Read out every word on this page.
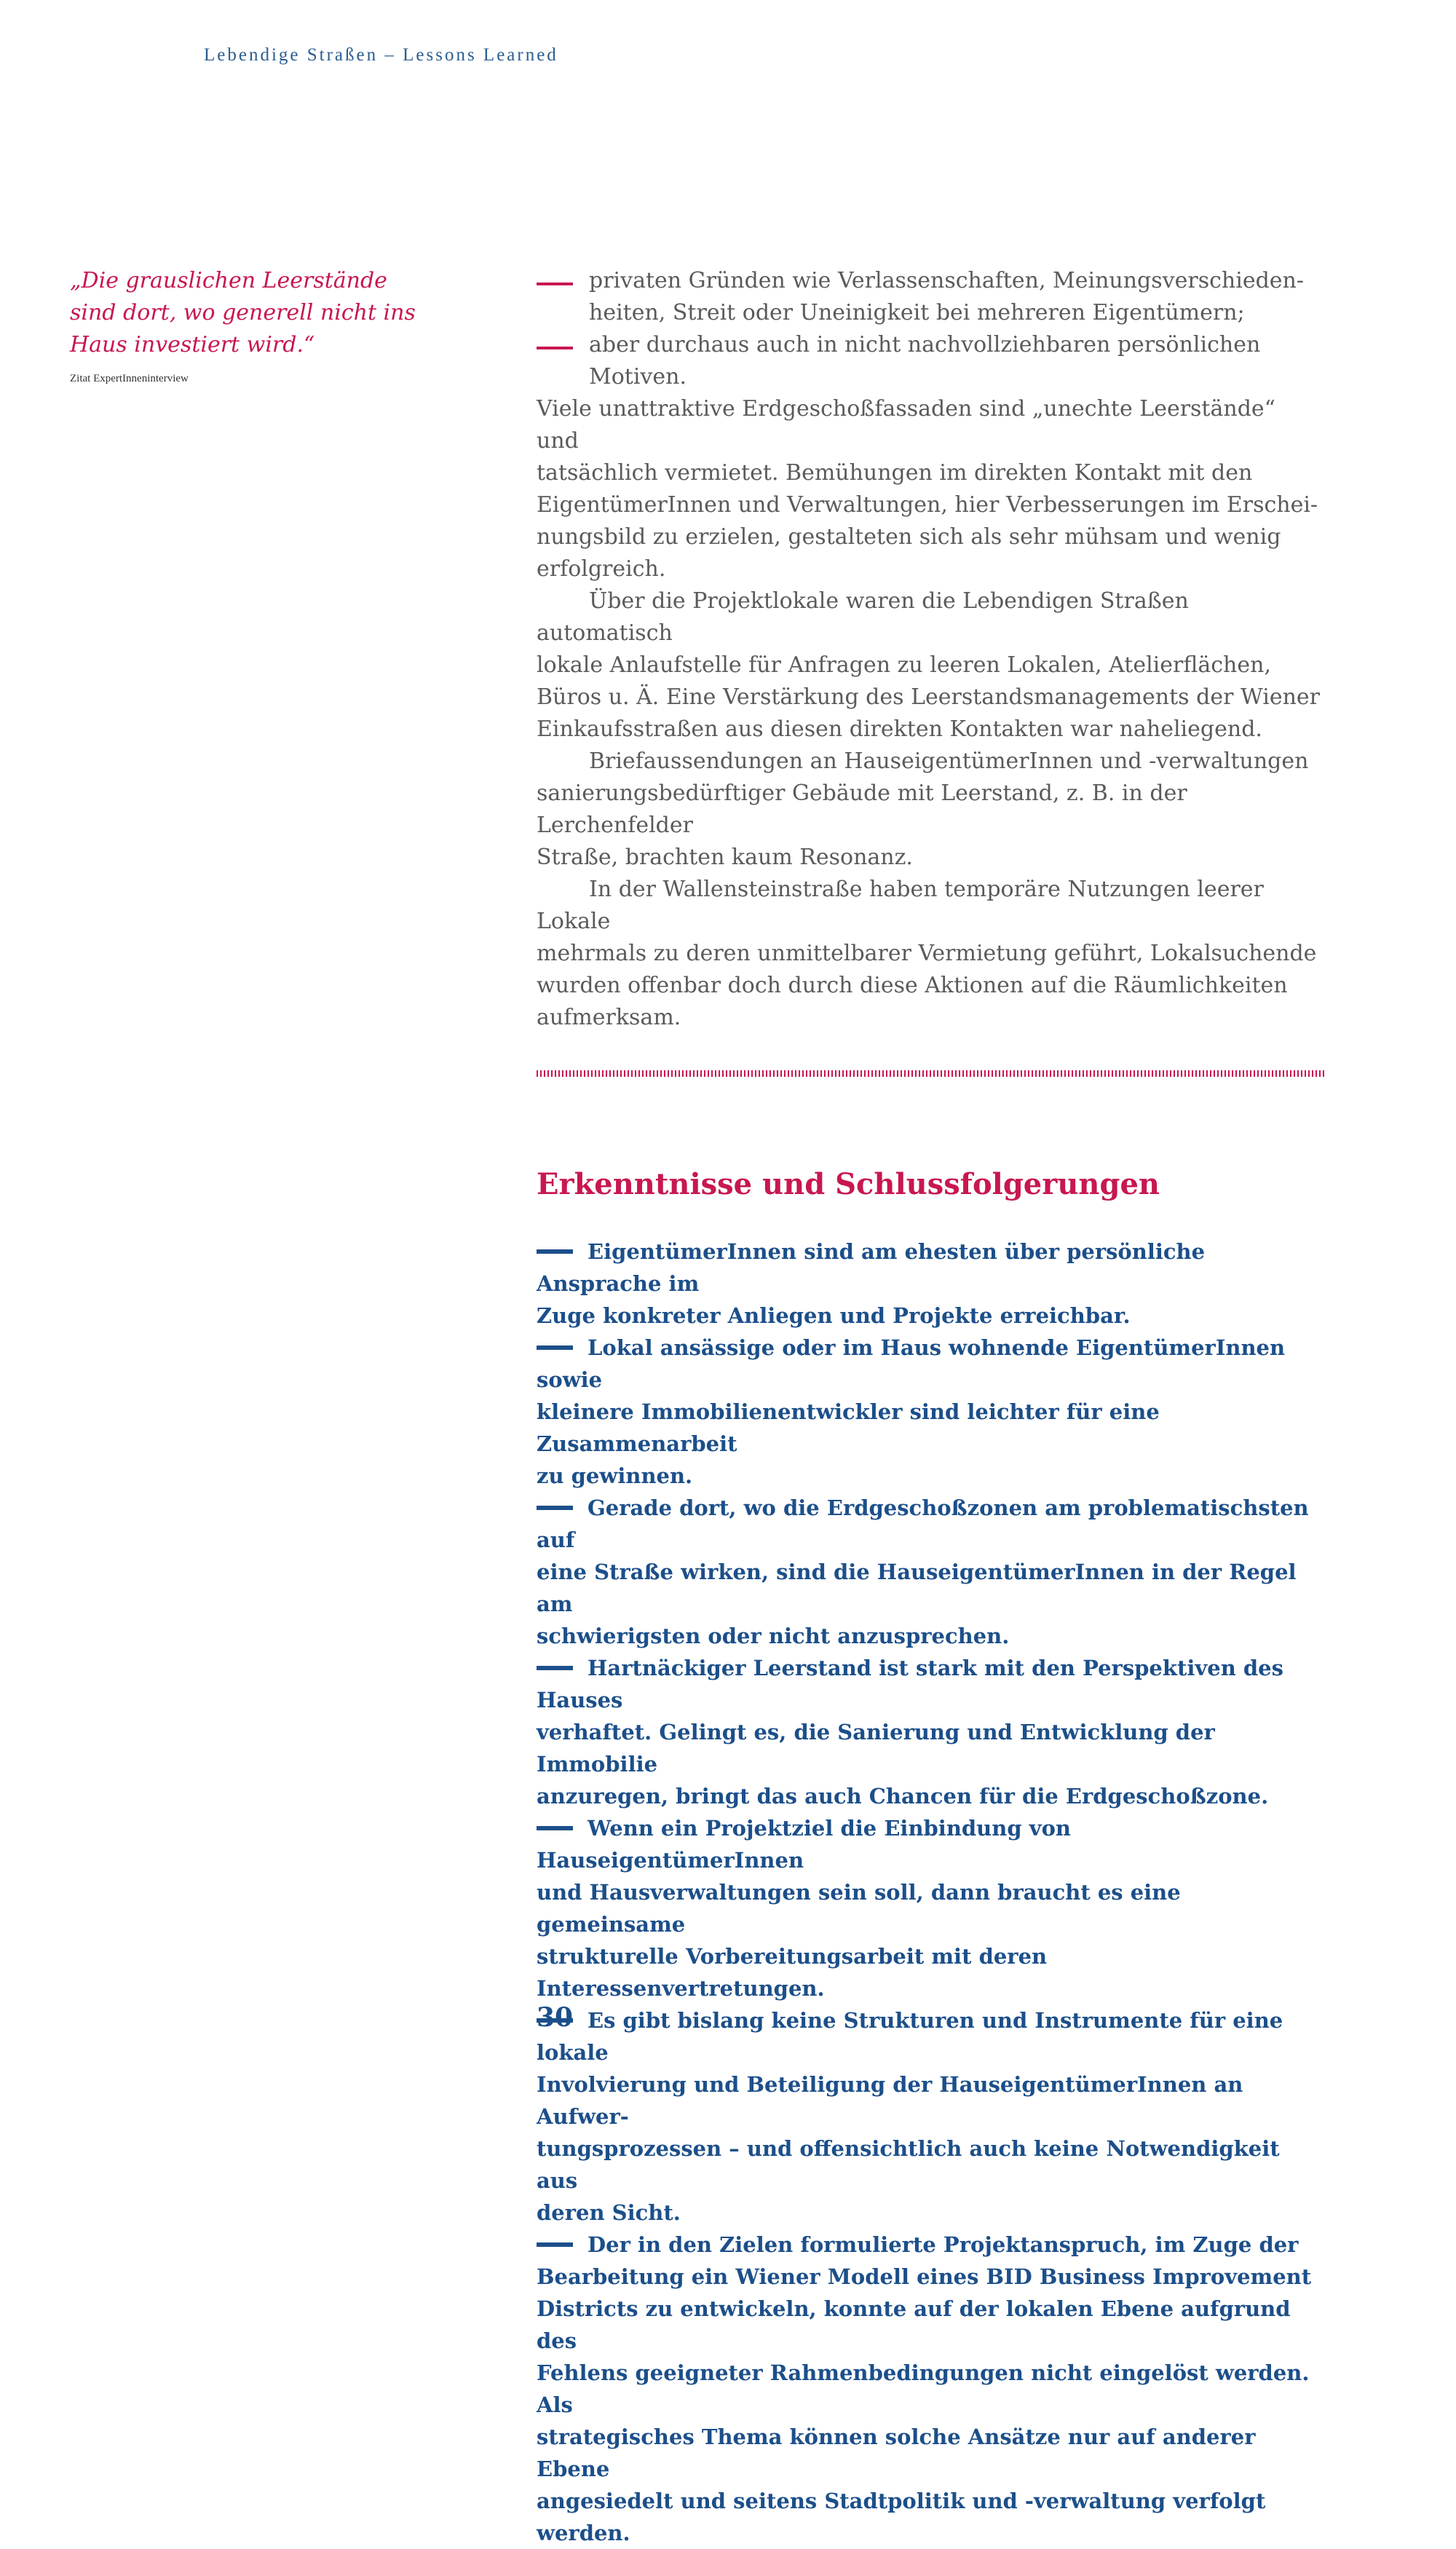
Lebendige Straßen – Lessons Learned

„Die grauslichen Leerstände
sind dort, wo generell nicht ins
Haus investiert wird.“

Zitat ExpertInneninterview

privaten Gründen wie Verlassenschaften, Meinungsverschieden-
heiten, Streit oder Uneinigkeit bei mehreren Eigentümern;

aber durchaus auch in nicht nachvollziehbaren persönlichen
Motiven.

Viele unattraktive Erdgeschoßfassaden sind „unechte Leerstände“ und
tatsächlich vermietet. Bemühungen im direkten Kontakt mit den
EigentümerInnen und Verwaltungen, hier Verbesserungen im Erschei-
nungsbild zu erzielen, gestalteten sich als sehr mühsam und wenig
erfolgreich.

Über die Projektlokale waren die Lebendigen Straßen automatisch
lokale Anlaufstelle für Anfragen zu leeren Lokalen, Atelierflächen,
Büros u. Ä. Eine Verstärkung des Leerstandsmanagements der Wiener
Einkaufsstraßen aus diesen direkten Kontakten war naheliegend.

Briefaussendungen an HauseigentümerInnen und -verwaltungen
sanierungsbedürftiger Gebäude mit Leerstand, z. B. in der Lerchenfelder
Straße, brachten kaum Resonanz.

In der Wallensteinstraße haben temporäre Nutzungen leerer Lokale
mehrmals zu deren unmittelbarer Vermietung geführt, Lokalsuchende
wurden offenbar doch durch diese Aktionen auf die Räumlichkeiten
aufmerksam.

Erkenntnisse und Schlussfolgerungen

EigentümerInnen sind am ehesten über persönliche Ansprache im
Zuge konkreter Anliegen und Projekte erreichbar.

Lokal ansässige oder im Haus wohnende EigentümerInnen sowie
kleinere Immobilienentwickler sind leichter für eine Zusammenarbeit
zu gewinnen.

Gerade dort, wo die Erdgeschoßzonen am problematischsten auf
eine Straße wirken, sind die HauseigentümerInnen in der Regel am
schwierigsten oder nicht anzusprechen.

Hartnäckiger Leerstand ist stark mit den Perspektiven des Hauses
verhaftet. Gelingt es, die Sanierung und Entwicklung der Immobilie
anzuregen, bringt das auch Chancen für die Erdgeschoßzone.

Wenn ein Projektziel die Einbindung von HauseigentümerInnen
und Hausverwaltungen sein soll, dann braucht es eine gemeinsame
strukturelle Vorbereitungsarbeit mit deren Interessenvertretungen.

Es gibt bislang keine Strukturen und Instrumente für eine lokale
Involvierung und Beteiligung der HauseigentümerInnen an Aufwer-
tungsprozessen – und offensichtlich auch keine Notwendigkeit aus
deren Sicht.

Der in den Zielen formulierte Projektanspruch, im Zuge der
Bearbeitung ein Wiener Modell eines BID Business Improvement
Districts zu entwickeln, konnte auf der lokalen Ebene aufgrund des
Fehlens geeigneter Rahmenbedingungen nicht eingelöst werden. Als
strategisches Thema können solche Ansätze nur auf anderer Ebene
angesiedelt und seitens Stadtpolitik und -verwaltung verfolgt werden.

30
